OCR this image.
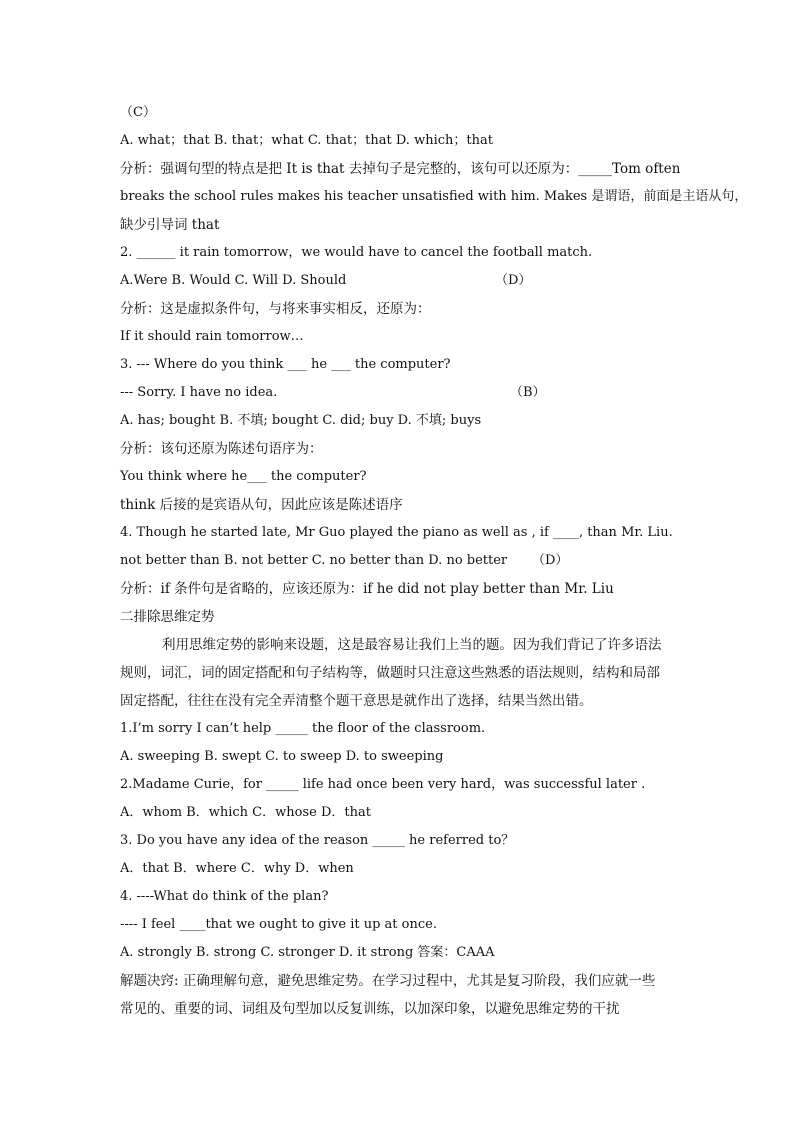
（C）
A. what；that B. that；what C. that；that D. which；that
分析：强调句型的特点是把 It is that 去掉句子是完整的，该句可以还原为：_____Tom often
breaks the school rules makes his teacher unsatisfied with him. Makes 是谓语，前面是主语从句，
缺少引导词 that
2. ______ it rain tomorrow，we would have to cancel the football match.
A.Were B. Would C. Will D. Should	（D）
分析：这是虚拟条件句，与将来事实相反，还原为：
If it should rain tomorrow…
3. --- Where do you think ___ he ___ the computer?
--- Sorry. I have no idea.	（B）
A. has; bought B. 不填; bought C. did; buy D. 不填; buys
分析：该句还原为陈述句语序为：
You think where he___ the computer?
think 后接的是宾语从句，因此应该是陈述语序
4. Though he started late, Mr Guo played the piano as well as , if ____, than Mr. Liu.
not better than B. not better C. no better than D. no better （D）
分析：if 条件句是省略的，应该还原为：if he did not play better than Mr. Liu
二排除思维定势
利用思维定势的影响来设题，这是最容易让我们上当的题。因为我们背记了许多语法
规则，词汇，词的固定搭配和句子结构等，做题时只注意这些熟悉的语法规则，结构和局部
固定搭配，往往在没有完全弄清整个题干意思是就作出了选择，结果当然出错。
1.I’m sorry I can’t help _____ the floor of the classroom.
A. sweeping B. swept C. to sweep D. to sweeping
2.Madame Curie，for _____ life had once been very hard，was successful later .
A．whom B．which C．whose D．that
3. Do you have any idea of the reason _____ he referred to？
A．that B．where C．why D．when
4. ----What do think of the plan?
---- I feel ____that we ought to give it up at once.
A. strongly B. strong C. stronger D. it strong 答案：CAAA
解题决窍: 正确理解句意，避免思维定势。在学习过程中，尤其是复习阶段，我们应就一些
常见的、重要的词、词组及句型加以反复训练，以加深印象，以避免思维定势的干扰
